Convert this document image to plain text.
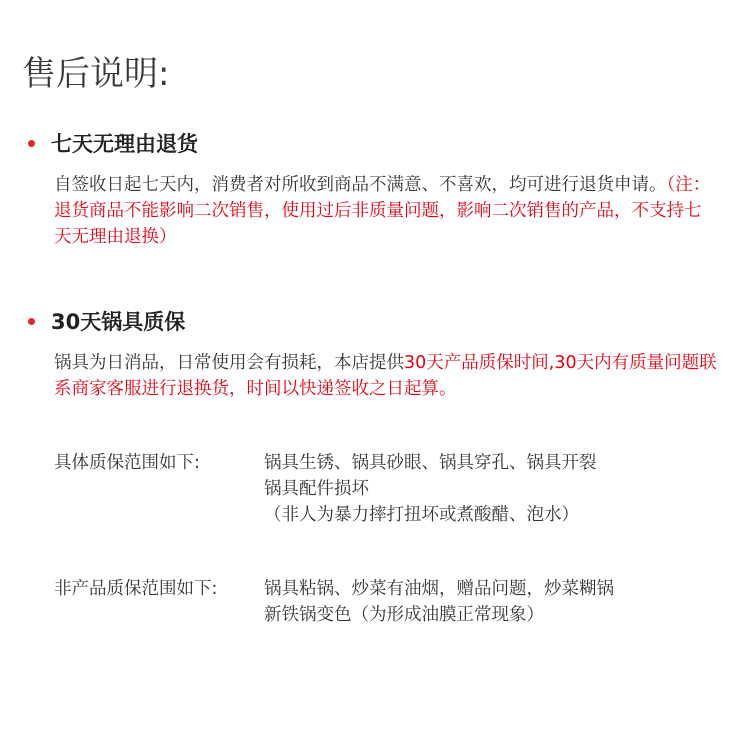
售后说明:
七天无理由退货
自签收日起七天内，消费者对所收到商品不满意、不喜欢，均可进行退货申请。（注：退货商品不能影响二次销售，使用过后非质量问题，影响二次销售的产品，不支持七天无理由退换）
30天锅具质保
锅具为日消品，日常使用会有损耗，本店提供30天产品质保时间,30天内有质量问题联系商家客服进行退换货，时间以快递签收之日起算。
具体质保范围如下:	锅具生锈、锅具砂眼、锅具穿孔、锅具开裂
锅具配件损坏
（非人为暴力摔打扭坏或煮酸醋、泡水）
非产品质保范围如下:	锅具粘锅、炒菜有油烟，赠品问题，炒菜糊锅
新铁锅变色（为形成油膜正常现象）
